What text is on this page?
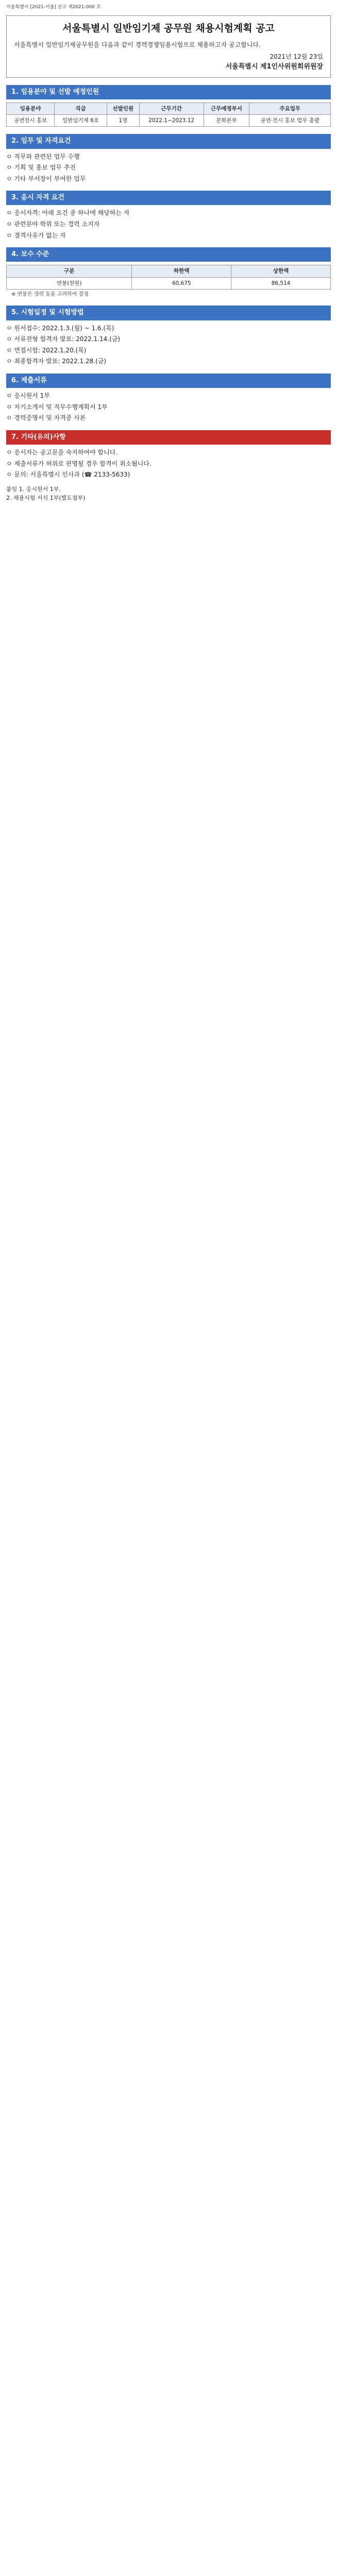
서울특별시 [2021-서울] 공고 제2021-000 호
서울특별시 일반임기제 공무원 채용시험계획 공고
서울특별시 일반임기제공무원을 다음과 같이 경력경쟁임용시험으로 채용하고자 공고합니다.
2021년 12월 23일
서울특별시 제1인사위원회위원장
1. 임용분야 및 선발 예정인원
임용분야	직급	선발인원	근무기간	근무예정부서	주요업무
공연전시 홍보	일반임기제 6호	1명	2022.1~2023.12	문화본부	공연·전시 홍보 업무 총괄
2. 임무 및 자격요건
ㅇ 직무와 관련된 업무 수행
ㅇ 기획 및 홍보 업무 추진
ㅇ 기타 부서장이 부여한 업무
3. 응시 자격 요건
ㅇ 응시자격: 아래 요건 중 하나에 해당하는 자
ㅇ 관련분야 학위 또는 경력 소지자
ㅇ 결격사유가 없는 자
4. 보수 수준
구분	하한액	상한액
연봉(천원)	60,675	86,514
※ 연봉은 경력 등을 고려하여 결정
5. 시험일정 및 시험방법
ㅇ 원서접수: 2022.1.3.(월) ~ 1.6.(목)
ㅇ 서류전형 합격자 발표: 2022.1.14.(금)
ㅇ 면접시험: 2022.1.20.(목)
ㅇ 최종합격자 발표: 2022.1.28.(금)
6. 제출서류
ㅇ 응시원서 1부
ㅇ 자기소개서 및 직무수행계획서 1부
ㅇ 경력증명서 및 자격증 사본
7. 기타(유의)사항
ㅇ 응시자는 공고문을 숙지하여야 합니다.
ㅇ 제출서류가 허위로 판명될 경우 합격이 취소됩니다.
ㅇ 문의: 서울특별시 인사과 (☎ 2133-5633)
붙임 1. 응시원서 1부.
2. 채용시험 서식 1부(별도첨부)
